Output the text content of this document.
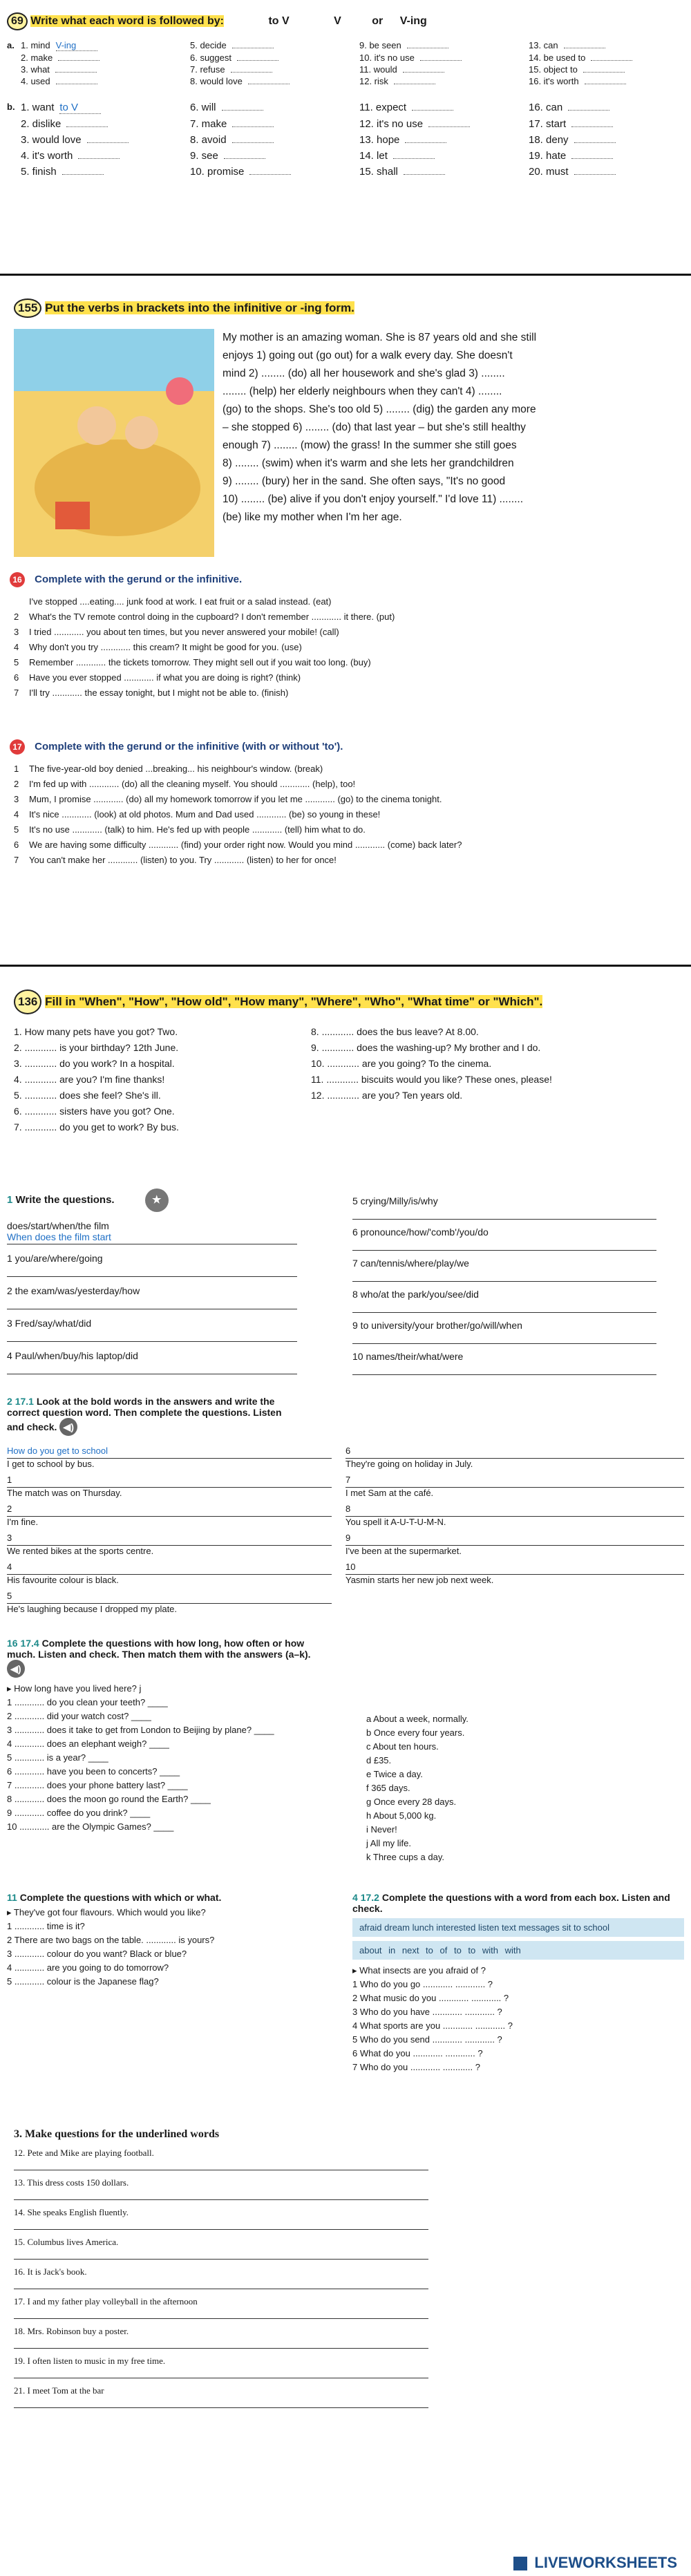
69 Write what each word is followed by:	to V	V	or V-ing
a. 1. mind V-ing	5. decide	9. be seen	13. can
2. make	6. suggest	10. it's no use	14. be used to
3. what	7. refuse	11. would	15. object to
4. used	8. would love	12. risk	16. it's worth
b. 1. want to V	6. will	11. expect	16. can
2. dislike	7. make	12. it's no use	17. start
3. would love	8. avoid	13. hope	18. deny
4. it's worth	9. see	14. let	19. hate
5. finish	10. promise	15. shall	20. must
155 Put the verbs in brackets into the infinitive or -ing form.
My mother is an amazing woman. She is 87 years old and she still
enjoys 1) going out (go out) for a walk every day. She doesn't
mind 2) ........ (do) all her housework and she's glad 3) ........
........ (help) her elderly neighbours when they can't 4) ........
(go) to the shops. She's too old 5) ........ (dig) the garden any more
– she stopped 6) ........ (do) that last year – but she's still healthy
enough 7) ........ (mow) the grass! In the summer she still goes
8) ........ (swim) when it's warm and she lets her grandchildren
9) ........ (bury) her in the sand. She often says, "It's no good
10) ........ (be) alive if you don't enjoy yourself." I'd love 11) ........
(be) like my mother when I'm her age.
16 Complete with the gerund or the infinitive.
I've stopped ....eating.... junk food at work. I eat fruit or a salad instead. (eat)
2	What's the TV remote control doing in the cupboard? I don't remember ............ it there. (put)
3	I tried ............ you about ten times, but you never answered your mobile! (call)
4	Why don't you try ............ this cream? It might be good for you. (use)
5	Remember ............ the tickets tomorrow. They might sell out if you wait too long. (buy)
6	Have you ever stopped ............ if what you are doing is right? (think)
7	I'll try ............ the essay tonight, but I might not be able to. (finish)
17 Complete with the gerund or the infinitive (with or without 'to').
1	The five-year-old boy denied ...breaking... his neighbour's window. (break)
2	I'm fed up with ............ (do) all the cleaning myself. You should ............ (help), too!
3	Mum, I promise ............ (do) all my homework tomorrow if you let me ............ (go) to the cinema tonight.
4	It's nice ............ (look) at old photos. Mum and Dad used ............ (be) so young in these!
5	It's no use ............ (talk) to him. He's fed up with people ............ (tell) him what to do.
6	We are having some difficulty ............ (find) your order right now. Would you mind ............ (come) back later?
7	You can't make her ............ (listen) to you. Try ............ (listen) to her for once!
136 Fill in "When", "How", "How old", "How many", "Where", "Who", "What time" or "Which".
1. How many pets have you got? Two.
2. ............ is your birthday? 12th June.
3. ............ do you work? In a hospital.
4. ............ are you? I'm fine thanks!
5. ............ does she feel? She's ill.
6. ............ sisters have you got? One.
7. ............ do you get to work? By bus.
8. ............ does the bus leave? At 8.00.
9. ............ does the washing-up? My brother and I do.
10. ............ are you going? To the cinema.
11. ............ biscuits would you like? These ones, please!
12. ............ are you? Ten years old.
1 Write the questions.	★
does/start/when/the film
When does the film start
1 you/are/where/going
2 the exam/was/yesterday/how
3 Fred/say/what/did
4 Paul/when/buy/his laptop/did
5 crying/Milly/is/why
6 pronounce/how/'comb'/you/do
7 can/tennis/where/play/we
8 who/at the park/you/see/did
9 to university/your brother/go/will/when
10 names/their/what/were
2 17.1 Look at the bold words in the answers and write the correct question word. Then complete the questions. Listen and check. ◀)
How do you get to school
I get to school by bus.
1
The match was on Thursday.
2
I'm fine.
3
We rented bikes at the sports centre.
4
His favourite colour is black.
5
He's laughing because I dropped my plate.
6
They're going on holiday in July.
7
I met Sam at the café.
8
You spell it A-U-T-U-M-N.
9
I've been at the supermarket.
10
Yasmin starts her new job next week.
16 17.4 Complete the questions with how long, how often or how much. Listen and check. Then match them with the answers (a–k). ◀)
▸ How long have you lived here? j
1 ............ do you clean your teeth? ____
2 ............ did your watch cost? ____
3 ............ does it take to get from London to Beijing by plane? ____
4 ............ does an elephant weigh? ____
5 ............ is a year? ____
6 ............ have you been to concerts? ____
7 ............ does your phone battery last? ____
8 ............ does the moon go round the Earth? ____
9 ............ coffee do you drink? ____
10 ............ are the Olympic Games? ____
a About a week, normally.
b Once every four years.
c About ten hours.
d £35.
e Twice a day.
f 365 days.
g Once every 28 days.
h About 5,000 kg.
i Never!
j All my life.
k Three cups a day.
11 Complete the questions with which or what.
▸ They've got four flavours. Which would you like?
1 ............ time is it?
2 There are two bags on the table. ............ is yours?
3 ............ colour do you want? Black or blue?
4 ............ are you going to do tomorrow?
5 ............ colour is the Japanese flag?
4 17.2 Complete the questions with a word from each box. Listen and check.
afraid dream lunch interested listen text messages sit to school
about in next to of to to with with
▸ What insects are you afraid of ?
1 Who do you go ............ ............ ?
2 What music do you ............ ............ ?
3 Who do you have ............ ............ ?
4 What sports are you ............ ............ ?
5 Who do you send ............ ............ ?
6 What do you ............ ............ ?
7 Who do you ............ ............ ?
3. Make questions for the underlined words
12. Pete and Mike are playing football.
13. This dress costs 150 dollars.
14. She speaks English fluently.
15. Columbus lives America.
16. It is Jack's book.
17. I and my father play volleyball in the afternoon
18. Mrs. Robinson buy a poster.
19. I often listen to music in my free time.
21. I meet Tom at the bar
LIVEWORKSHEETS
